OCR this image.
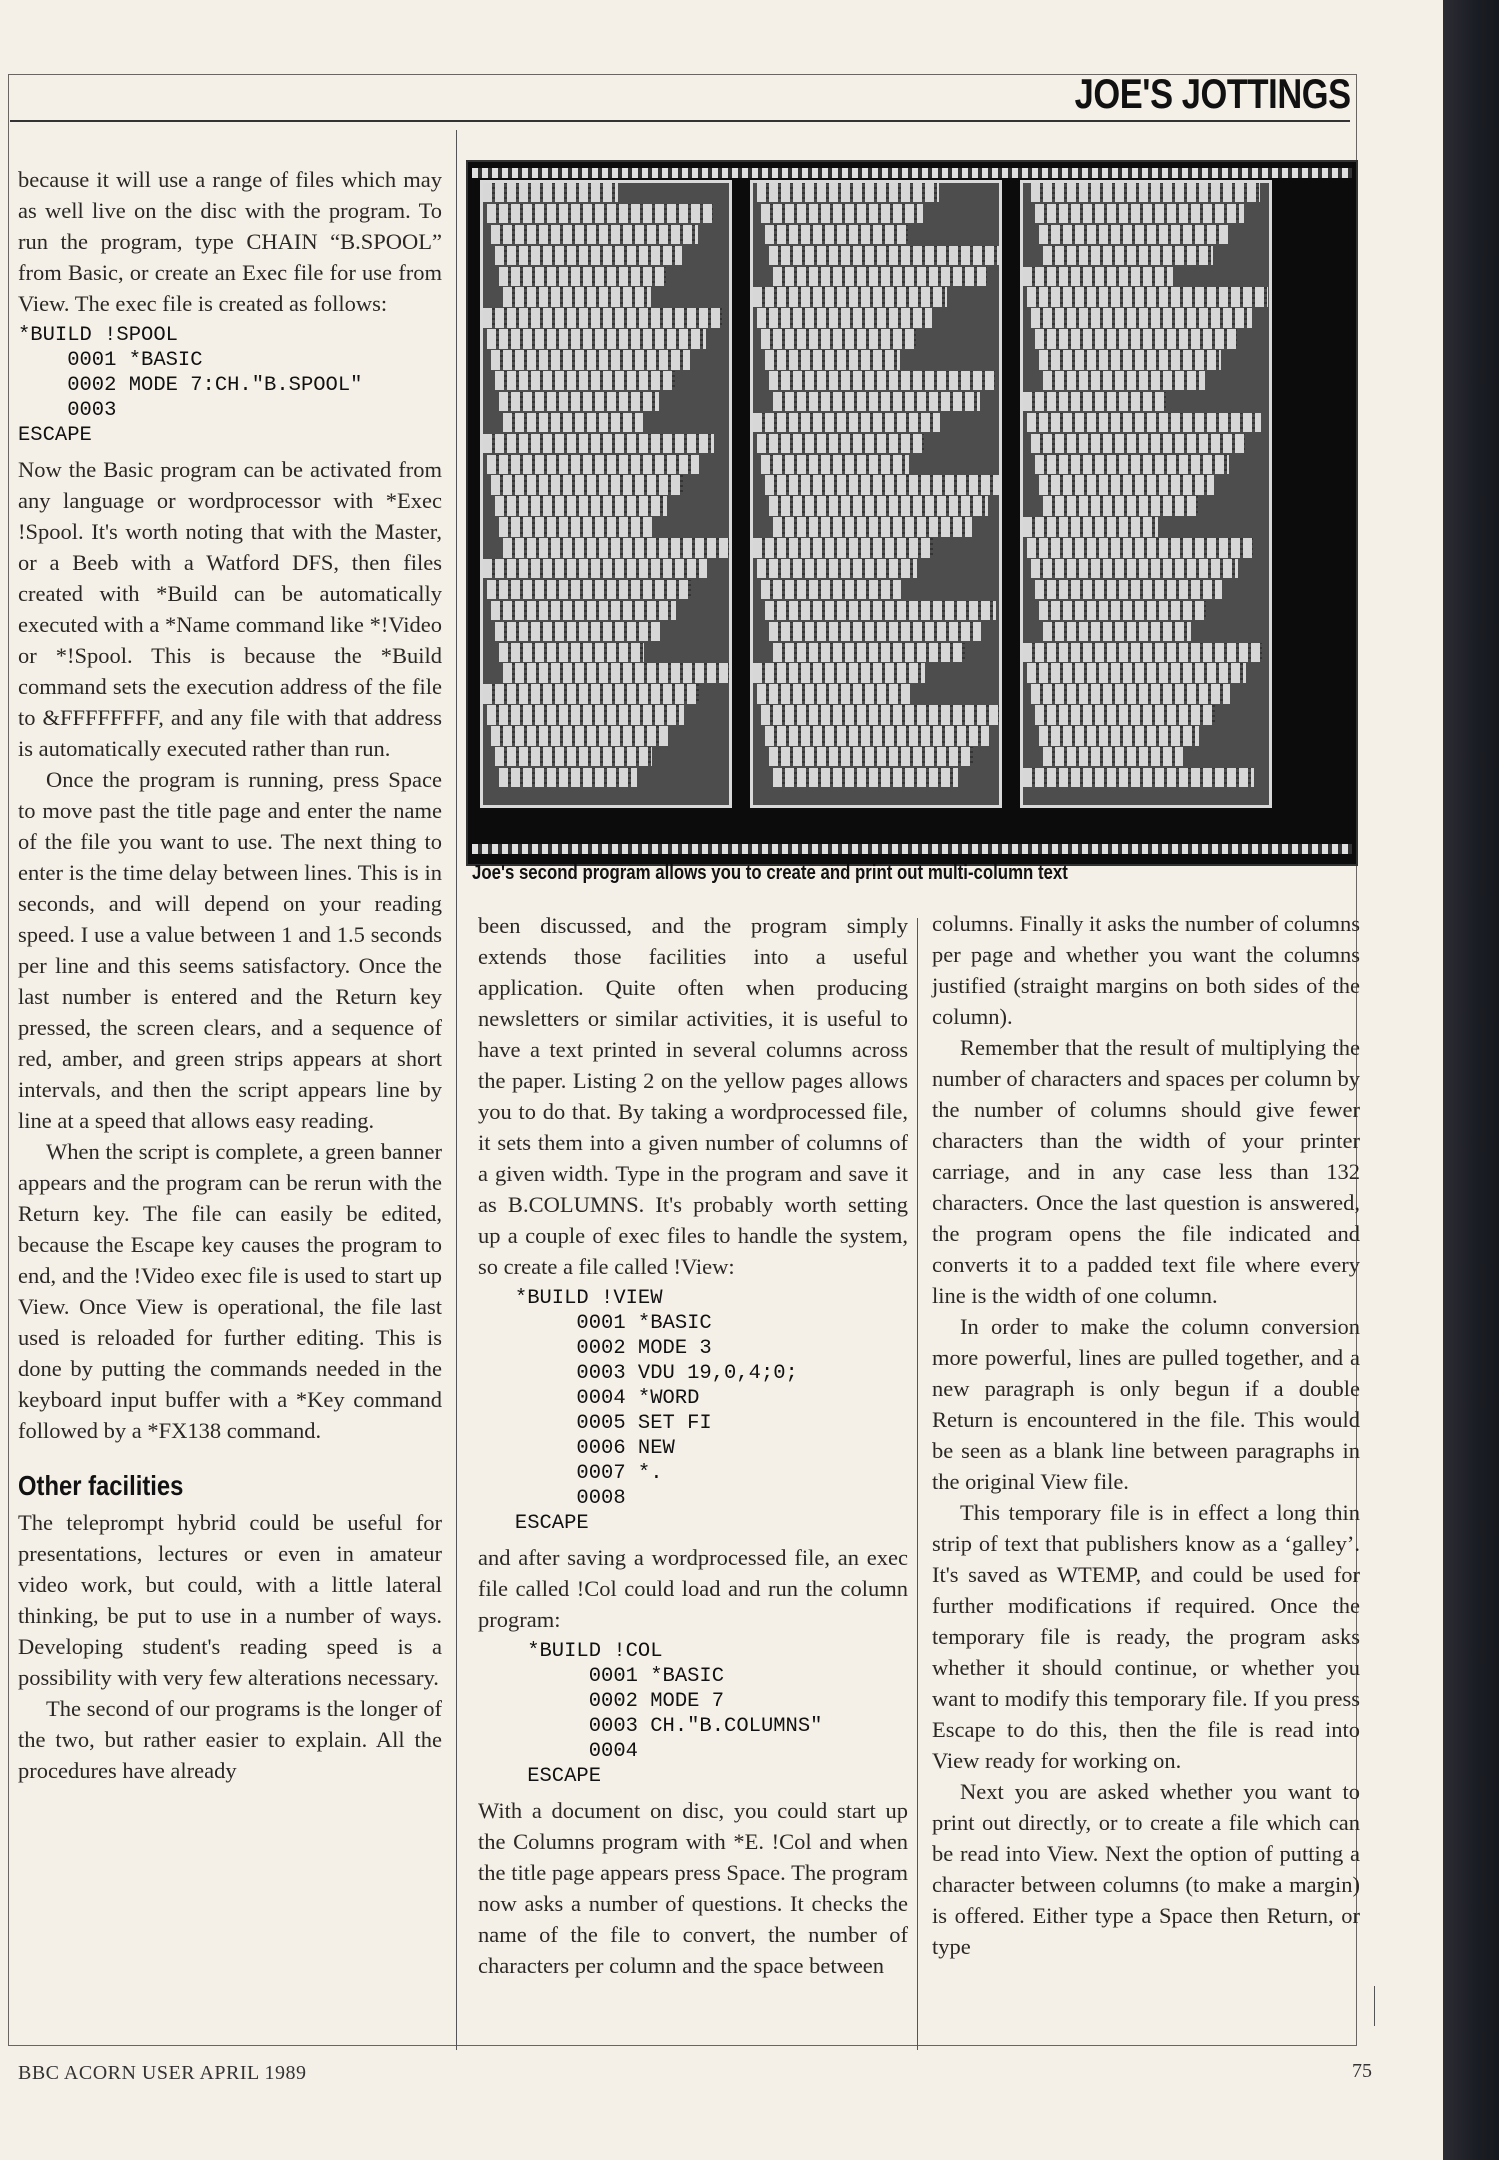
JOE'S JOTTINGS

because it will use a range of files which may as well live on the disc with the program. To run the program, type CHAIN “B.SPOOL” from Basic, or create an Exec file for use from View. The exec file is created as follows:

*BUILD !SPOOL
0001 *BASIC
0002 MODE 7:CH."B.SPOOL"
0003
ESCAPE

Now the Basic program can be activated from any language or wordprocessor with *Exec !Spool. It's worth noting that with the Master, or a Beeb with a Watford DFS, then files created with *Build can be automatically executed with a *Name command like *!Video or *!Spool. This is because the *Build command sets the execution address of the file to &FFFFFFFF, and any file with that address is automatically executed rather than run.

Once the program is running, press Space to move past the title page and enter the name of the file you want to use. The next thing to enter is the time delay between lines. This is in seconds, and will depend on your reading speed. I use a value between 1 and 1.5 seconds per line and this seems satisfactory. Once the last number is entered and the Return key pressed, the screen clears, and a sequence of red, amber, and green strips appears at short intervals, and then the script appears line by line at a speed that allows easy reading.

When the script is complete, a green banner appears and the program can be rerun with the Return key. The file can easily be edited, because the Escape key causes the program to end, and the !Video exec file is used to start up View. Once View is operational, the file last used is reloaded for further editing. This is done by putting the commands needed in the keyboard input buffer with a *Key command followed by a *FX138 command.

Other facilities

The teleprompt hybrid could be useful for presentations, lectures or even in amateur video work, but could, with a little lateral thinking, be put to use in a number of ways. Developing student's reading speed is a possibility with very few alterations necessary.

The second of our programs is the longer of the two, but rather easier to explain. All the procedures have already

Joe's second program allows you to create and print out multi-column text

been discussed, and the program simply extends those facilities into a useful application. Quite often when producing newsletters or similar activities, it is useful to have a text printed in several columns across the paper. Listing 2 on the yellow pages allows you to do that. By taking a wordprocessed file, it sets them into a given number of columns of a given width. Type in the program and save it as B.COLUMNS. It's probably worth setting up a couple of exec files to handle the system, so create a file called !View:

*BUILD !VIEW
0001 *BASIC
0002 MODE 3
0003 VDU 19,0,4;0;
0004 *WORD
0005 SET FI
0006 NEW
0007 *.
0008
ESCAPE

and after saving a wordprocessed file, an exec file called !Col could load and run the column program:

*BUILD !COL
0001 *BASIC
0002 MODE 7
0003 CH."B.COLUMNS"
0004
ESCAPE

With a document on disc, you could start up the Columns program with *E. !Col and when the title page appears press Space. The program now asks a number of questions. It checks the name of the file to convert, the number of characters per column and the space between

columns. Finally it asks the number of columns per page and whether you want the columns justified (straight margins on both sides of the column).

Remember that the result of multiplying the number of characters and spaces per column by the number of columns should give fewer characters than the width of your printer carriage, and in any case less than 132 characters. Once the last question is answered, the program opens the file indicated and converts it to a padded text file where every line is the width of one column.

In order to make the column conversion more powerful, lines are pulled together, and a new paragraph is only begun if a double Return is encountered in the file. This would be seen as a blank line between paragraphs in the original View file.

This temporary file is in effect a long thin strip of text that publishers know as a ‘galley’. It's saved as WTEMP, and could be used for further modifications if required. Once the temporary file is ready, the program asks whether it should continue, or whether you want to modify this temporary file. If you press Escape to do this, then the file is read into View ready for working on.

Next you are asked whether you want to print out directly, or to create a file which can be read into View. Next the option of putting a character between columns (to make a margin) is offered. Either type a Space then Return, or type

BBC ACORN USER APRIL 1989	75
